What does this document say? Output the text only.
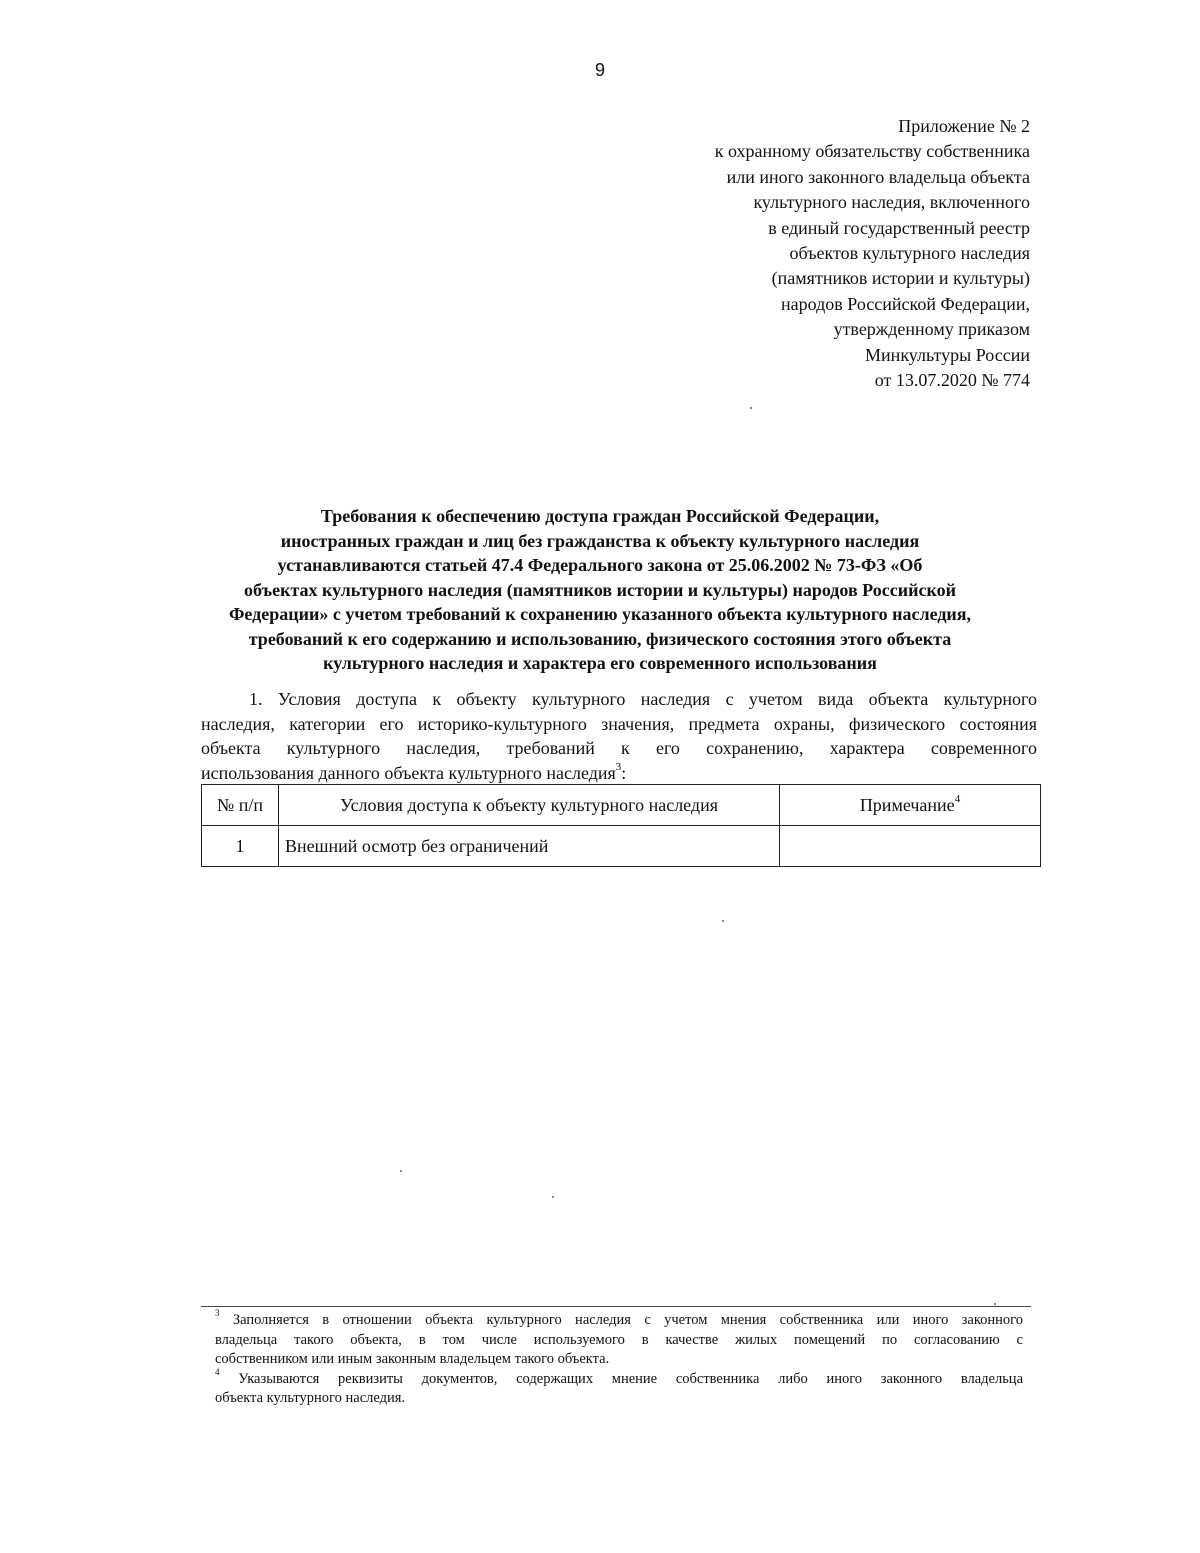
9
Приложение № 2
к охранному обязательству собственника
или иного законного владельца объекта
культурного наследия, включенного
в единый государственный реестр
объектов культурного наследия
(памятников истории и культуры)
народов Российской Федерации,
утвержденному приказом
Минкультуры России
от 13.07.2020 № 774
Требования к обеспечению доступа граждан Российской Федерации,
иностранных граждан и лиц без гражданства к объекту культурного наследия
устанавливаются статьей 47.4 Федерального закона от 25.06.2002 № 73-ФЗ «Об
объектах культурного наследия (памятников истории и культуры) народов Российской
Федерации» с учетом требований к сохранению указанного объекта культурного наследия,
требований к его содержанию и использованию, физического состояния этого объекта
культурного наследия и характера его современного использования
1. Условия доступа к объекту культурного наследия с учетом вида объекта культурного
наследия, категории его историко-культурного значения, предмета охраны, физического состояния
объекта культурного наследия, требований к его сохранению, характера современного
использования данного объекта культурного наследия$^3$:
№ п/п	Условия доступа к объекту культурного наследия	Примечание$^4$
1	Внешний осмотр без ограничений	
$^3$ Заполняется в отношении объекта культурного наследия с учетом мнения собственника или иного законного
владельца такого объекта, в том числе используемого в качестве жилых помещений по согласованию с
собственником или иным законным владельцем такого объекта.
$^4$ Указываются реквизиты документов, содержащих мнение собственника либо иного законного владельца
объекта культурного наследия.
